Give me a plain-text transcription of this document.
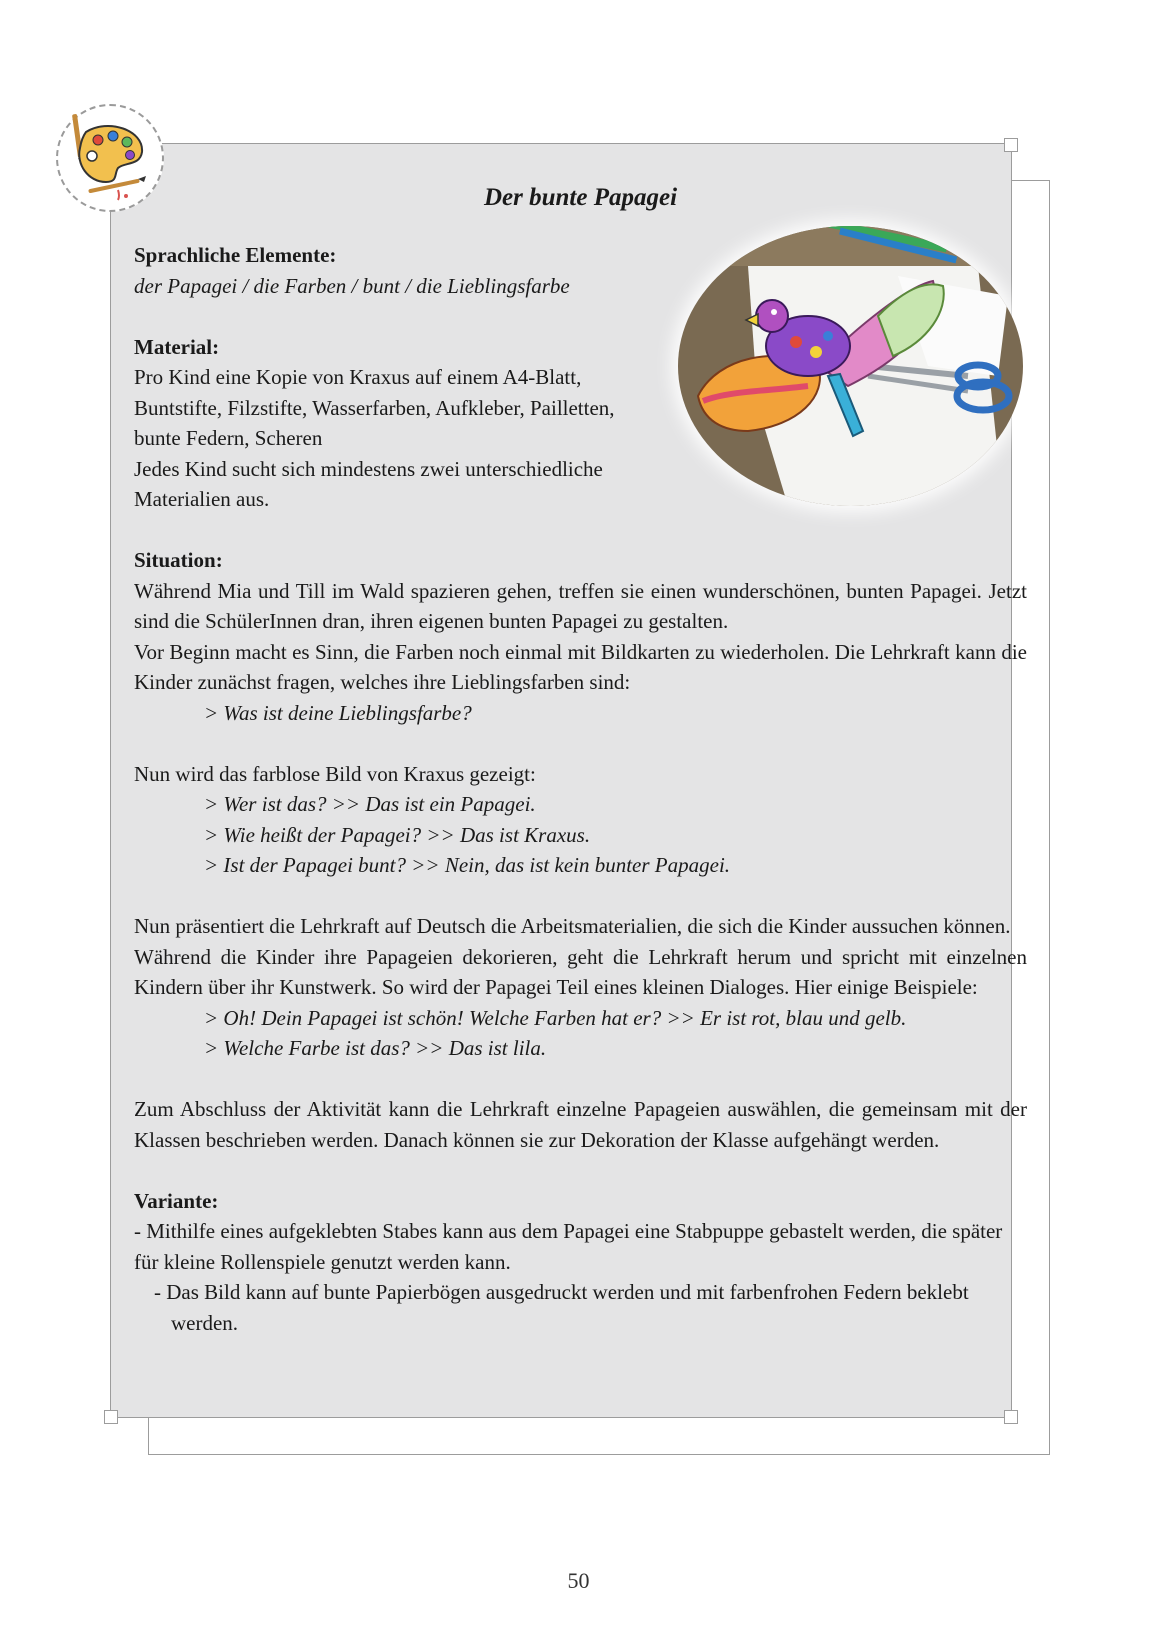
Der bunte Papagei
Sprachliche Elemente:
der Papagei / die Farben / bunt / die Lieblingsfarbe
Material:
Pro Kind eine Kopie von Kraxus auf einem A4-Blatt,
Buntstifte, Filzstifte, Wasserfarben, Aufkleber, Pailletten,
bunte Federn, Scheren
Jedes Kind sucht sich mindestens zwei unterschiedliche
Materialien aus.
Situation:
Während Mia und Till im Wald spazieren gehen, treffen sie einen wunderschönen, bunten Papagei. Jetzt sind die SchülerInnen dran, ihren eigenen bunten Papagei zu gestalten.
Vor Beginn macht es Sinn, die Farben noch einmal mit Bildkarten zu wiederholen. Die Lehrkraft kann die Kinder zunächst fragen, welches ihre Lieblingsfarben sind:
> Was ist deine Lieblingsfarbe?
Nun wird das farblose Bild von Kraxus gezeigt:
> Wer ist das? >> Das ist ein Papagei.
> Wie heißt der Papagei? >> Das ist Kraxus.
> Ist der Papagei bunt? >> Nein, das ist kein bunter Papagei.
Nun präsentiert die Lehrkraft auf Deutsch die Arbeitsmaterialien, die sich die Kinder aussuchen können.
Während die Kinder ihre Papageien dekorieren, geht die Lehrkraft herum und spricht mit einzelnen Kindern über ihr Kunstwerk. So wird der Papagei Teil eines kleinen Dialoges. Hier einige Beispiele:
> Oh! Dein Papagei ist schön! Welche Farben hat er? >> Er ist rot, blau und gelb.
> Welche Farbe ist das? >> Das ist lila.
Zum Abschluss der Aktivität kann die Lehrkraft einzelne Papageien auswählen, die gemeinsam mit der Klassen beschrieben werden. Danach können sie zur Dekoration der Klasse aufgehängt werden.
Variante:
- Mithilfe eines aufgeklebten Stabes kann aus dem Papagei eine Stabpuppe gebastelt werden, die später für kleine Rollenspiele genutzt werden kann.
- Das Bild kann auf bunte Papierbögen ausgedruckt werden und mit farbenfrohen Federn beklebt werden.
50
